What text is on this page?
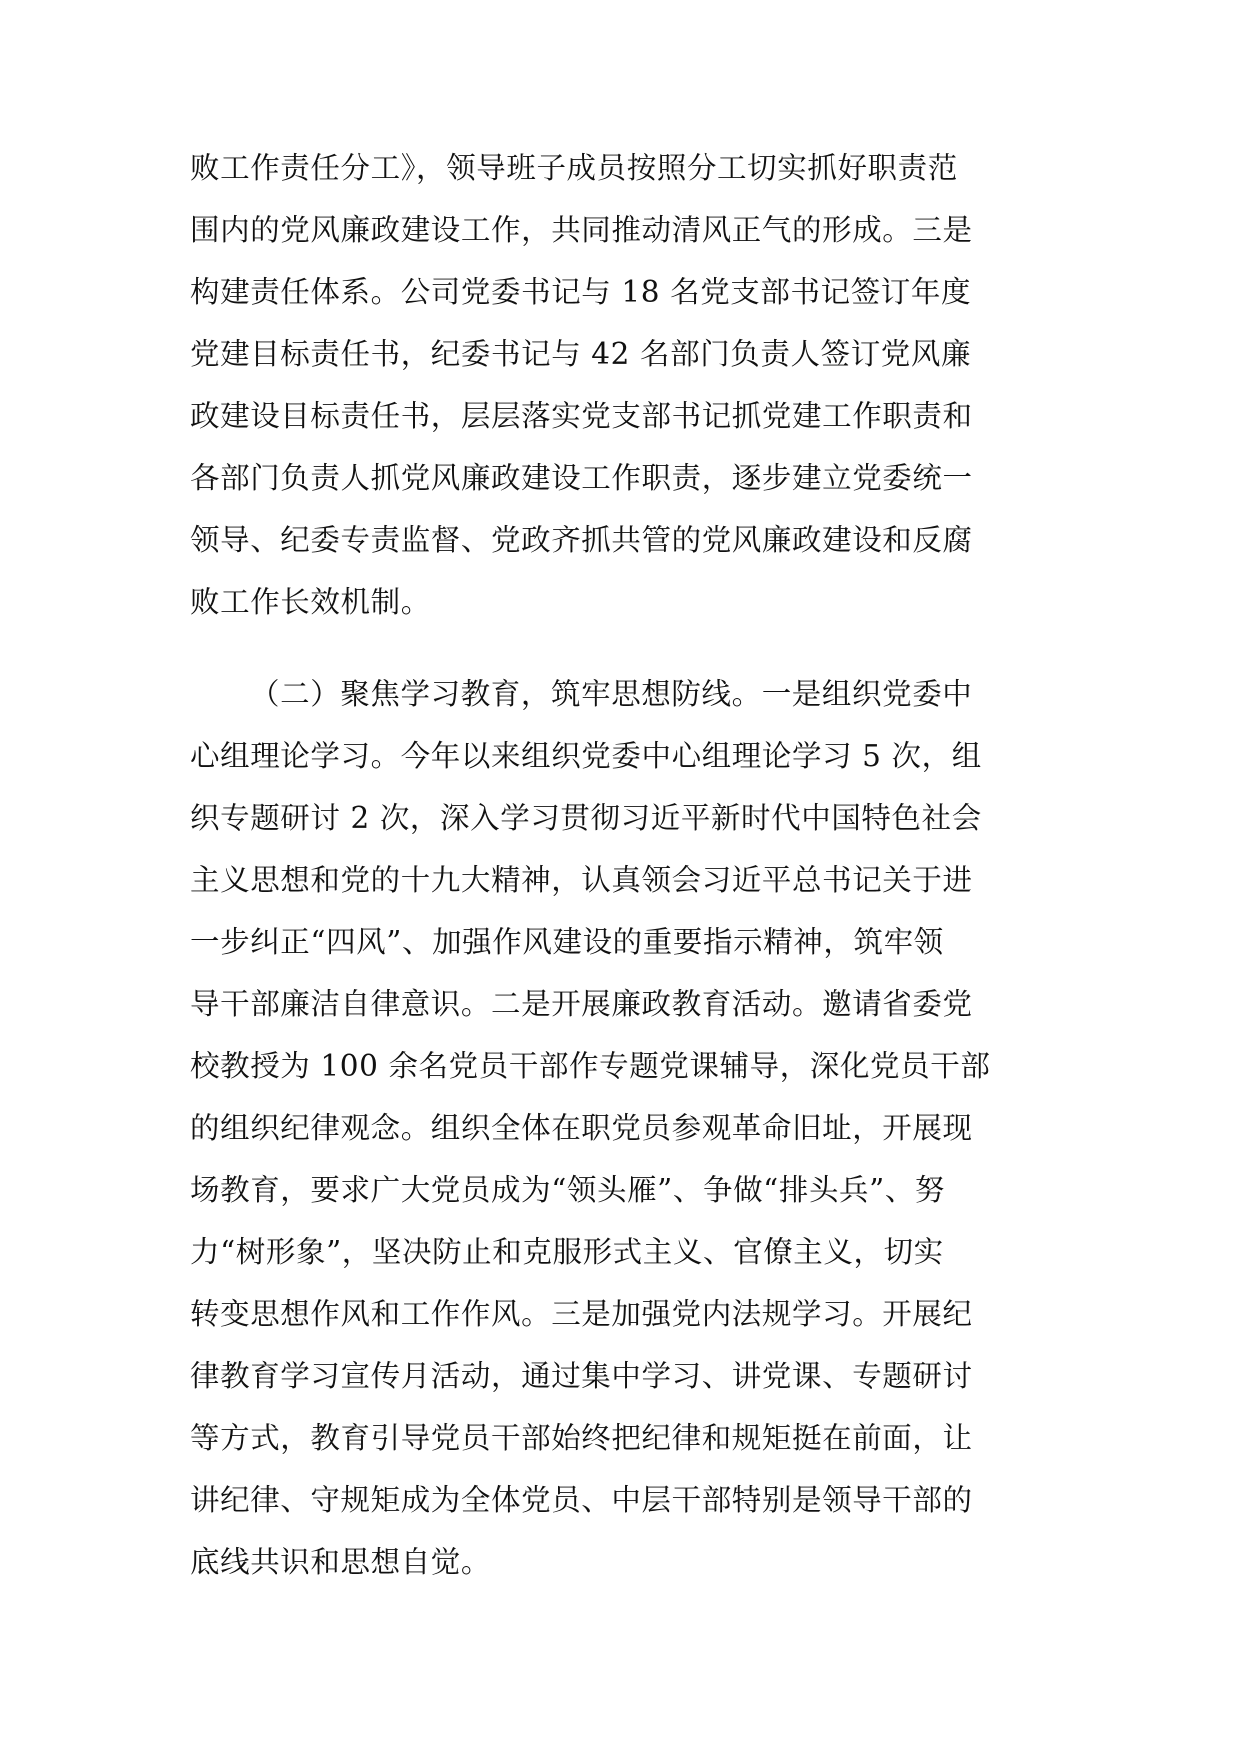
败工作责任分工》，领导班子成员按照分工切实抓好职责范
围内的党风廉政建设工作，共同推动清风正气的形成。三是
构建责任体系。公司党委书记与 18 名党支部书记签订年度
党建目标责任书，纪委书记与 42 名部门负责人签订党风廉
政建设目标责任书，层层落实党支部书记抓党建工作职责和
各部门负责人抓党风廉政建设工作职责，逐步建立党委统一
领导、纪委专责监督、党政齐抓共管的党风廉政建设和反腐
败工作长效机制。
（二）聚焦学习教育，筑牢思想防线。一是组织党委中
心组理论学习。今年以来组织党委中心组理论学习 5 次，组
织专题研讨 2 次，深入学习贯彻习近平新时代中国特色社会
主义思想和党的十九大精神，认真领会习近平总书记关于进
一步纠正“四风”、加强作风建设的重要指示精神，筑牢领
导干部廉洁自律意识。二是开展廉政教育活动。邀请省委党
校教授为 100 余名党员干部作专题党课辅导，深化党员干部
的组织纪律观念。组织全体在职党员参观革命旧址，开展现
场教育，要求广大党员成为“领头雁”、争做“排头兵”、努
力“树形象”，坚决防止和克服形式主义、官僚主义，切实
转变思想作风和工作作风。三是加强党内法规学习。开展纪
律教育学习宣传月活动，通过集中学习、讲党课、专题研讨
等方式，教育引导党员干部始终把纪律和规矩挺在前面，让
讲纪律、守规矩成为全体党员、中层干部特别是领导干部的
底线共识和思想自觉。
